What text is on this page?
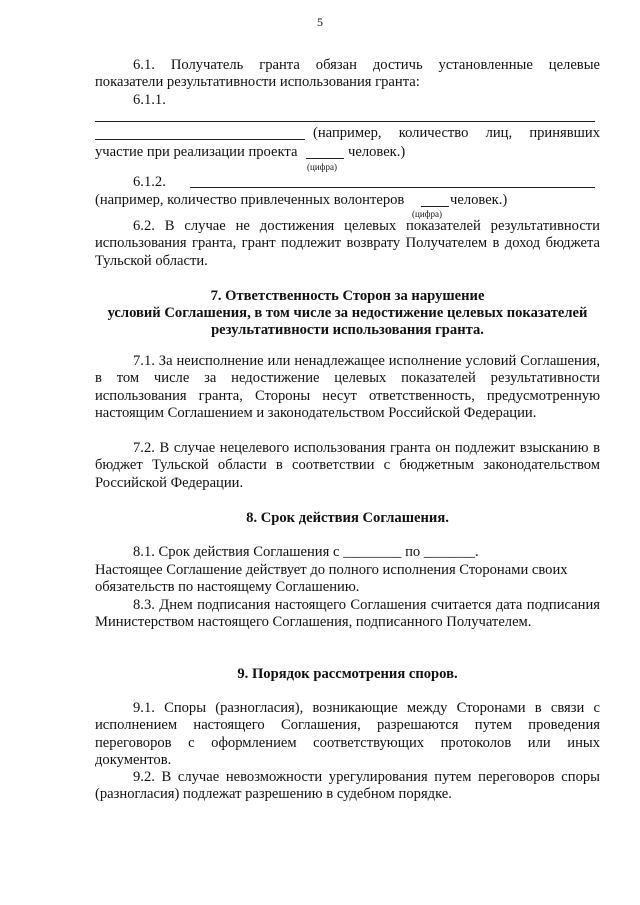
5
6.1. Получатель гранта обязан достичь установленные целевые
показатели результативности использования гранта:
6.1.1.
(например, количество лиц, принявших
участие при реализации проекта	человек.)
(цифра)
6.1.2.
(например, количество привлеченных волонтеров	человек.)
(цифра)
6.2. В случае не достижения целевых показателей результативности использования гранта, грант подлежит возврату Получателем в доход бюджета Тульской области.
7. Ответственность Сторон за нарушение
условий Соглашения, в том числе за недостижение целевых показателей
результативности использования гранта.
7.1. За неисполнение или ненадлежащее исполнение условий Соглашения, в том числе за недостижение целевых показателей результативности использования гранта, Стороны несут ответственность, предусмотренную настоящим Соглашением и законодательством Российской Федерации.
7.2. В случае нецелевого использования гранта он подлежит взысканию в бюджет Тульской области в соответствии с бюджетным законодательством Российской Федерации.
8. Срок действия Соглашения.
8.1. Срок действия Соглашения с ________ по _______.
Настоящее Соглашение действует до полного исполнения Сторонами своих обязательств по настоящему Соглашению.
8.3. Днем подписания настоящего Соглашения считается дата подписания Министерством настоящего Соглашения, подписанного Получателем.
9. Порядок рассмотрения споров.
9.1. Споры (разногласия), возникающие между Сторонами в связи с исполнением настоящего Соглашения, разрешаются путем проведения переговоров с оформлением соответствующих протоколов или иных документов.
9.2. В случае невозможности урегулирования путем переговоров споры (разногласия) подлежат разрешению в судебном порядке.
